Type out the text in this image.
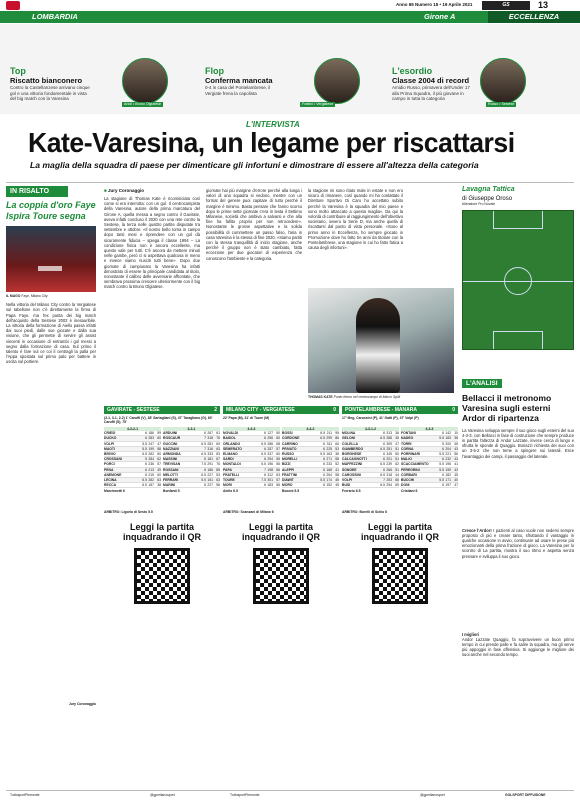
Anno 65 Numero 15 • 19 Aprile 2021	GS	13
LOMBARDIA	Girone A	ECCELLENZA
Top
Riscatto bianconero
Contro la Castellanzese arrivano cinque gol e una vittoria fondamentale in vista del big match con la Varesina
Arioli • Bruno Olgiatese
Flop
Conferma mancata
0-4 in casa del Pontelambrese, il Vergiate frena la capolista
Frattini • Vergiatese
L'esordio
Classe 2004 di record
Amidio Russo, primavera dell'Under 17 alla Prima Squadra, il più giovane in campo in tutta la categoria
Russo • Sestese
L'INTERVISTA
Kate-Varesina, un legame per riscattarsi
La maglia della squadra di paese per dimenticare gli infortuni e dimostrare di essere all'altezza della categoria
IN RISALTO
La coppia d'oro Faye Ispira Toure segna
IL MAGO Faye, Milano City
Nella vittoria del Milano City contro la Vergiatese sul tabellone non c'è direttamente la firma di Papa Faye, ma l'ex punta dei big match dell'acquisto della Sestese 2002 è inesauribile. La vittoria della formazione di Aiello passa infatti dai suoi piedi, dalle sue giocate e dalla sua visione, che gli permette di servire gli assist vincenti in occasione di entrambi i gol messi a segno dalla formazione di casa. Sul primo il talento è fare sul ce coi il centragli la palla per l'Appa spostata sul primo palo per battere in uscita sul portiere.
Jury Coronaggio
■ Jury Coronaggio
La stagione di Thomas Kate è ricominciata così come si era interrotta: con un gol. Il centrocampista della Varesina, autore della prima marcatura del Girone A, quella messa a segno contro il Gavirate, aveva infatti concluso il 2020 con una rete contro la Sestese, la terza nelle quattro partite disputate tra settembre e ottobre. «Il nostro bello torna in campo dopo tanti mesi e riprendere con un gol dà sicuramente fiducia – spiega il classe 1994 – La condizione fisica non è ancora eccellente, ma questo vale per tutti. C'è ancora da mettere minuti nelle gambe, però ci si aspettava qualcosa in meno e invece siamo riusciti tutti bene». Dopo due giornate di campionato la Varesina ha infatti dimostrato di essere la principale candidata al titolo, nonostante il calibro delle avversarie affrontate, che sembrava prossima crescere ulteriormente con il big match contro la Bruno Olgiatese.
giornate hai più margine d'errore perché alla lunga i valori di una squadra si vedono, mentre con un format del genere puoi capitare di tutto perché il margine è minimo. Basta pensare che l'anno scorso dopo le prime sette giornate c'era in testa il Settimo Milanese, società che ambiva a salvarsi e che alla fine ha fallito proprio per non retrocedere». Nonostante le grosse aspettative e la solida possibilità di commettere un passo falso, l'aria in casa Varesina è la stessa di fine 2020. «Siamo partiti con la stessa tranquillità di inizio stagione, anche perché il gruppo non è stato cambiato, fatta eccezione per due giocatori di esperienza che conoscono l'ambiente e la categoria.
la stagione mi sono ritato male in estate e non ero sicuro di rimanere, così quando mi ha contattato il Direttore Sportivo Di Caro ho accettato subito perché la Varesina è la squadra del mio paese e sono molto attaccato a questa maglia». Da qui la volontà di contribuire al raggiungimento dell'obiettivo societario, ovvero la Serie D, ma anche quella di riscattarsi dal punto di vista personale. «Sono al primo anno in Eccellenza, ho sempre giocato in Promozione dove ho fatto tre anni da titolare con la Pontelambrese, una stagione in cui ho fatto fatica a causa degli infortuni».
THOMAS KATE Punto fermo nel centrocampo di Marco Spilli
Lavagna Tattica
di Giuseppe Oroso
Allenatore Pro Novate
L'ANALISI
Bellacci il metronomo Varesina sugli esterni Ardor di ripartenza
La Varesina sviluppa sempre il suo gioco sugli esterni del suo 4-3-3, con Bellacci in fase di costruzione che sempre produce in partita l'altezza di Andor Lazzate, invece cerca di lungo e sfrutta le sponde di Quaggio. Bonazzi richiesta dei suoi con un 3-5-2 che non teme a spingere sui laterali. Esce l'avantaggio dei campi, il passaggio del laterale.
Cresce l'Ardor! I pazienti al caso vuole non sedersi sempre proposto di più e creare tanto, sfruttando il vantaggio in qualche occasione in avvio, continuare ad usare le prese più emozionanti della prima frazione di gioco. La Varesina per lo scontro di La partita, mostra il suo ritmo e aspetta senza pressare e sviluppa il suo gioco.
I migliori
Andor Lazzate Quaggio, fa sopravvivere un buon primo tempo in cui prende palle e fa salire la squadra, ma gli serve più appoggio in fase offensiva. Si aggiunge le migliore dei suoi anche nel secondo tempo.
GAVIRATE - SESTESE	2
(3-1, 3-1, 2-2) 1' Caruffi (V), 38' Sartagliani (S), 47' Taragliano (G), 60' Caruffi (S), 75'
4-3-2-1
CRIESI	6 186 59
DUCKO	6 283 60
VOLPI	5.5 247 47
MAOTI	5.5 199 58
BRIVIO	6.5 282 60
CROSSANI	5 284 62
PORCI	6 236 57
PENA	6 213 49
ANEMONE	6 215 60
LECINA	6.5 282 63
RECCA	6.5 187 38
Marcinnetti 6
4-3-1
ARDUINI	6 267 61
ROSCAUR	7 318 76
GUCCINI	6.5 281 60
NAZZIANI	7 316 63
ARMONDA	6.5 333 83
MASSINI	6 181 67
TREVISAN	7.5 291 76
ROSSANI	6 186 85
MELOTTI	6.5 227 53
FERRARI	5.5 151 63
MARINI	6 227 56
Bonfanti 5
ARBITRO: Ligorio di Sesto 5.5
Leggi la partita inquadrando il QR
MILANO CITY - VERGIATESE	0
22' Papa (M), 31' di Toure (M)
4-3-3
NOVALDI	6 127 50
BASIOL	6 256 60
ORLANDO	6.5 286 68
SEMERATO	6 257 57
ELMANO	6.5 337 60
SARDI	6 294 55
MONTALDI	5.5 196 56
PAPA	7 198 66
FRATELLI	6 312 63
TOURE	7.5 301 57
MORI	6 183 56
Aiello 6.5
4-4-2
BOSSI	6.5 211 95
CORDONE	6.5 299 86
CARRINO	6 311 60
PRIVATO	6 225 53
RUSSO	5.5 163 36
MORELLI	6 271 58
BIZZI	6 233 52
ALEPPI	6 168 41
FRATTINI	6 254 58
DIAWIT	5.5 174 45
MORO	6 152 45
Boconi 5.5
ARBITRO: Scanzani di Milano 6
Leggi la partita inquadrando il QR
PONTELAMBRESE - MANARA	0
17' Meg, Carossini (P), 41' Gatti (P), 47' Volpi (P)
4-3-1-2
MOLINA	6 313 36
GELONI	6.5 288 45
COLELLA	6 309 47
GIAMBERDO	6.5 251 51
BORGHESE	6 345 60
CALCAGNOTTI	6 201 51
MAFFEZZINI	6.5 239 62
SONGEE	6 266 51
CAROSSINI	6.5 318 44
VOLPI	7 253 66
BUSI	6.5 294 69
Ferrario 6.5
4-3-3
FONTANI	6 142 10
NADEO	5.5 183 38
TORRI	5 200 45
CORNA	6 204 43
PORRINARI	5.5 221 56
MALIO	6 232 43
SCACCIAMENTO	5.5 196 41
PEREGRINI	5.5 159 43
CORBARI	6 182 45
BUCCHI	5.5 171 40
DONI	6 197 47
Cristiani 6
ARBITRO: Borelli di Schio 6
Leggi la partita inquadrando il QR
TuttosportPiemonte	@gpmilanosport	TuttosportPiemonte	@gpmilanosport	GOLSPORT DIFFUSIONE
